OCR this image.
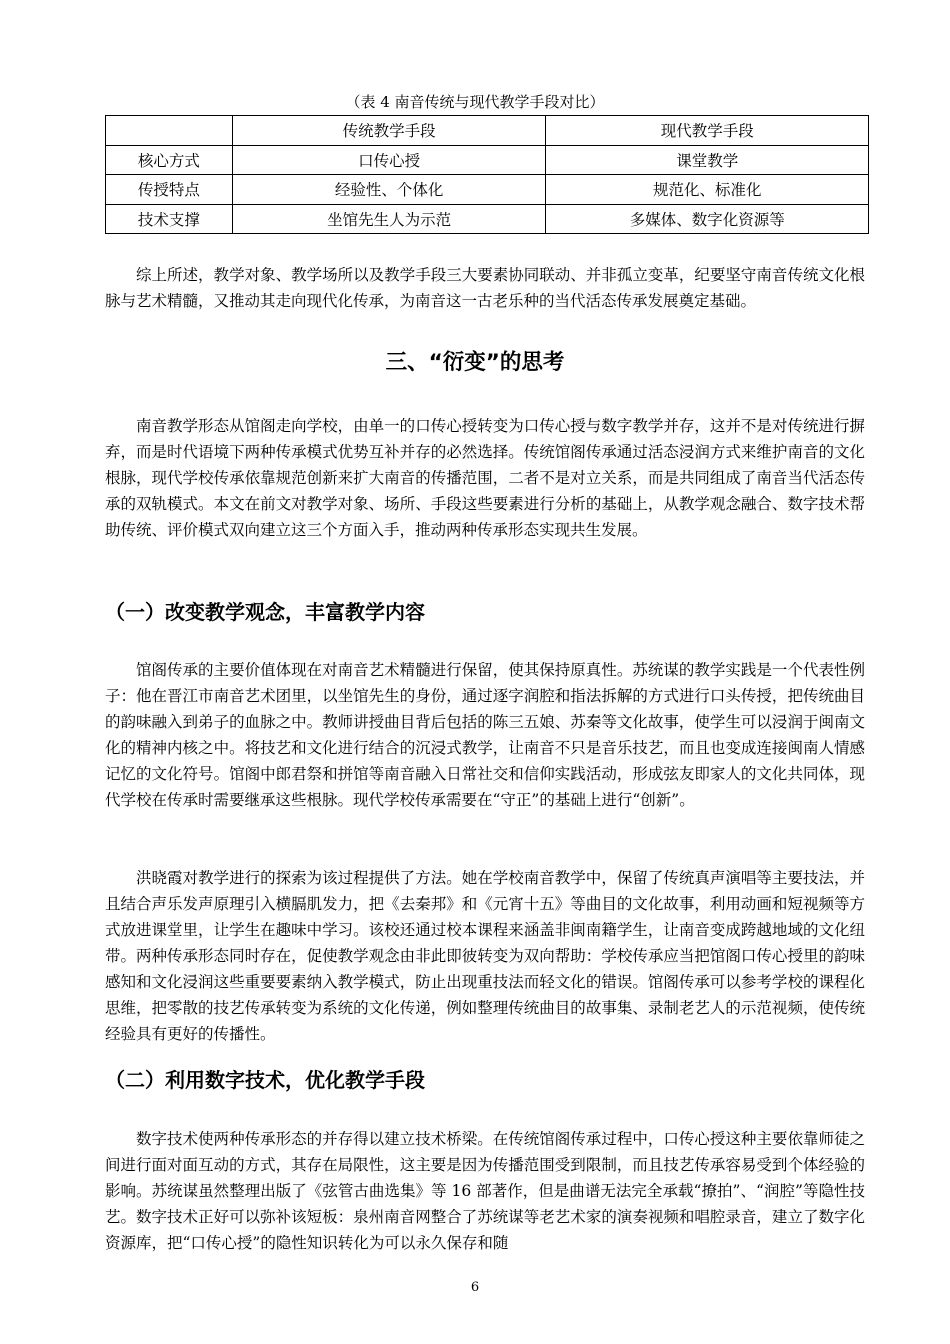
（表 4 南音传统与现代教学手段对比）
	传统教学手段	现代教学手段
核心方式	口传心授	课堂教学
传授特点	经验性、个体化	规范化、标准化
技术支撑	坐馆先生人为示范	多媒体、数字化资源等

综上所述，教学对象、教学场所以及教学手段三大要素协同联动、并非孤立变革，纪要坚守南音传统文化根脉与艺术精髓，又推动其走向现代化传承，为南音这一古老乐种的当代活态传承发展奠定基础。

三、“衍变”的思考

南音教学形态从馆阁走向学校，由单一的口传心授转变为口传心授与数字教学并存，这并不是对传统进行摒弃，而是时代语境下两种传承模式优势互补并存的必然选择。传统馆阁传承通过活态浸润方式来维护南音的文化根脉，现代学校传承依靠规范创新来扩大南音的传播范围，二者不是对立关系，而是共同组成了南音当代活态传承的双轨模式。本文在前文对教学对象、场所、手段这些要素进行分析的基础上，从教学观念融合、数字技术帮助传统、评价模式双向建立这三个方面入手，推动两种传承形态实现共生发展。

（一）改变教学观念，丰富教学内容

馆阁传承的主要价值体现在对南音艺术精髓进行保留，使其保持原真性。苏统谋的教学实践是一个代表性例子：他在晋江市南音艺术团里，以坐馆先生的身份，通过逐字润腔和指法拆解的方式进行口头传授，把传统曲目的韵味融入到弟子的血脉之中。教师讲授曲目背后包括的陈三五娘、苏秦等文化故事，使学生可以浸润于闽南文化的精神内核之中。将技艺和文化进行结合的沉浸式教学，让南音不只是音乐技艺，而且也变成连接闽南人情感记忆的文化符号。馆阁中郎君祭和拼馆等南音融入日常社交和信仰实践活动，形成弦友即家人的文化共同体，现代学校在传承时需要继承这些根脉。现代学校传承需要在“守正”的基础上进行“创新”。

洪晓霞对教学进行的探索为该过程提供了方法。她在学校南音教学中，保留了传统真声演唱等主要技法，并且结合声乐发声原理引入横膈肌发力，把《去秦邦》和《元宵十五》等曲目的文化故事，利用动画和短视频等方式放进课堂里，让学生在趣味中学习。该校还通过校本课程来涵盖非闽南籍学生，让南音变成跨越地域的文化纽带。 两种传承形态同时存在，促使教学观念由非此即彼转变为双向帮助：学校传承应当把馆阁口传心授里的韵味感知和文化浸润这些重要要素纳入教学模式，防止出现重技法而轻文化的错误。馆阁传承可以参考学校的课程化思维，把零散的技艺传承转变为系统的文化传递，例如整理传统曲目的故事集、录制老艺人的示范视频，使传统经验具有更好的传播性。

（二）利用数字技术，优化教学手段

数字技术使两种传承形态的并存得以建立技术桥梁。在传统馆阁传承过程中，口传心授这种主要依靠师徒之间进行面对面互动的方式，其存在局限性，这主要是因为传播范围受到限制，而且技艺传承容易受到个体经验的影响。苏统谋虽然整理出版了《弦管古曲选集》等 16 部著作，但是曲谱无法完全承载“撩拍”、“润腔”等隐性技艺。数字技术正好可以弥补该短板：泉州南音网整合了苏统谋等老艺术家的演奏视频和唱腔录音，建立了数字化资源库，把“口传心授”的隐性知识转化为可以永久保存和随

6
